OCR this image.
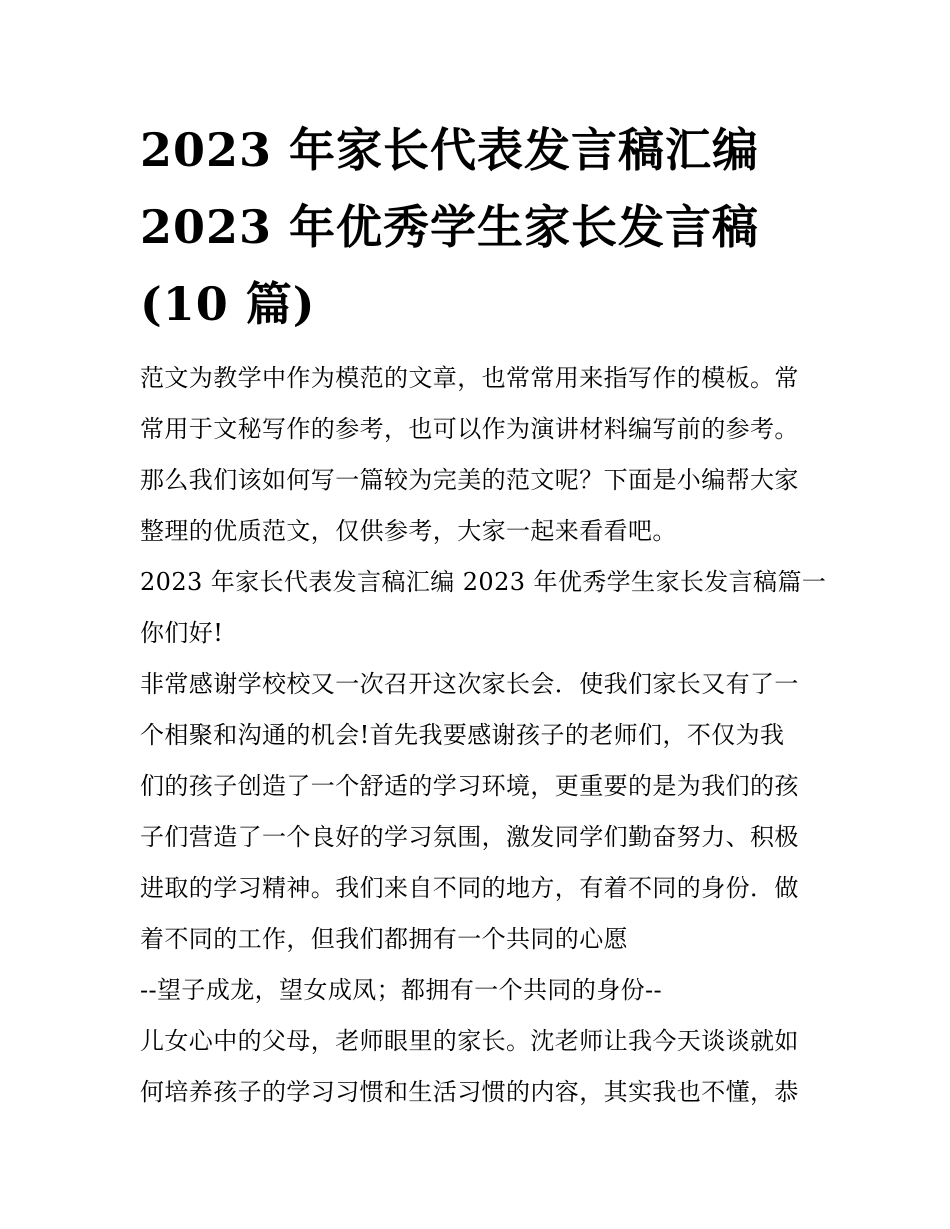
2023 年家长代表发言稿汇编
2023 年优秀学生家长发言稿
(10 篇)
范文为教学中作为模范的文章，也常常用来指写作的模板。常
常用于文秘写作的参考，也可以作为演讲材料编写前的参考。
那么我们该如何写一篇较为完美的范文呢？下面是小编帮大家
整理的优质范文，仅供参考，大家一起来看看吧。
2023 年家长代表发言稿汇编 2023 年优秀学生家长发言稿篇一
你们好!
非常感谢学校校又一次召开这次家长会．使我们家长又有了一
个相聚和沟通的机会!首先我要感谢孩子的老师们，不仅为我
们的孩子创造了一个舒适的学习环境，更重要的是为我们的孩
子们营造了一个良好的学习氛围，激发同学们勤奋努力、积极
进取的学习精神。我们来自不同的地方，有着不同的身份．做
着不同的工作，但我们都拥有一个共同的心愿
--望子成龙，望女成凤；都拥有一个共同的身份--
儿女心中的父母，老师眼里的家长。沈老师让我今天谈谈就如
何培养孩子的学习习惯和生活习惯的内容，其实我也不懂，恭
